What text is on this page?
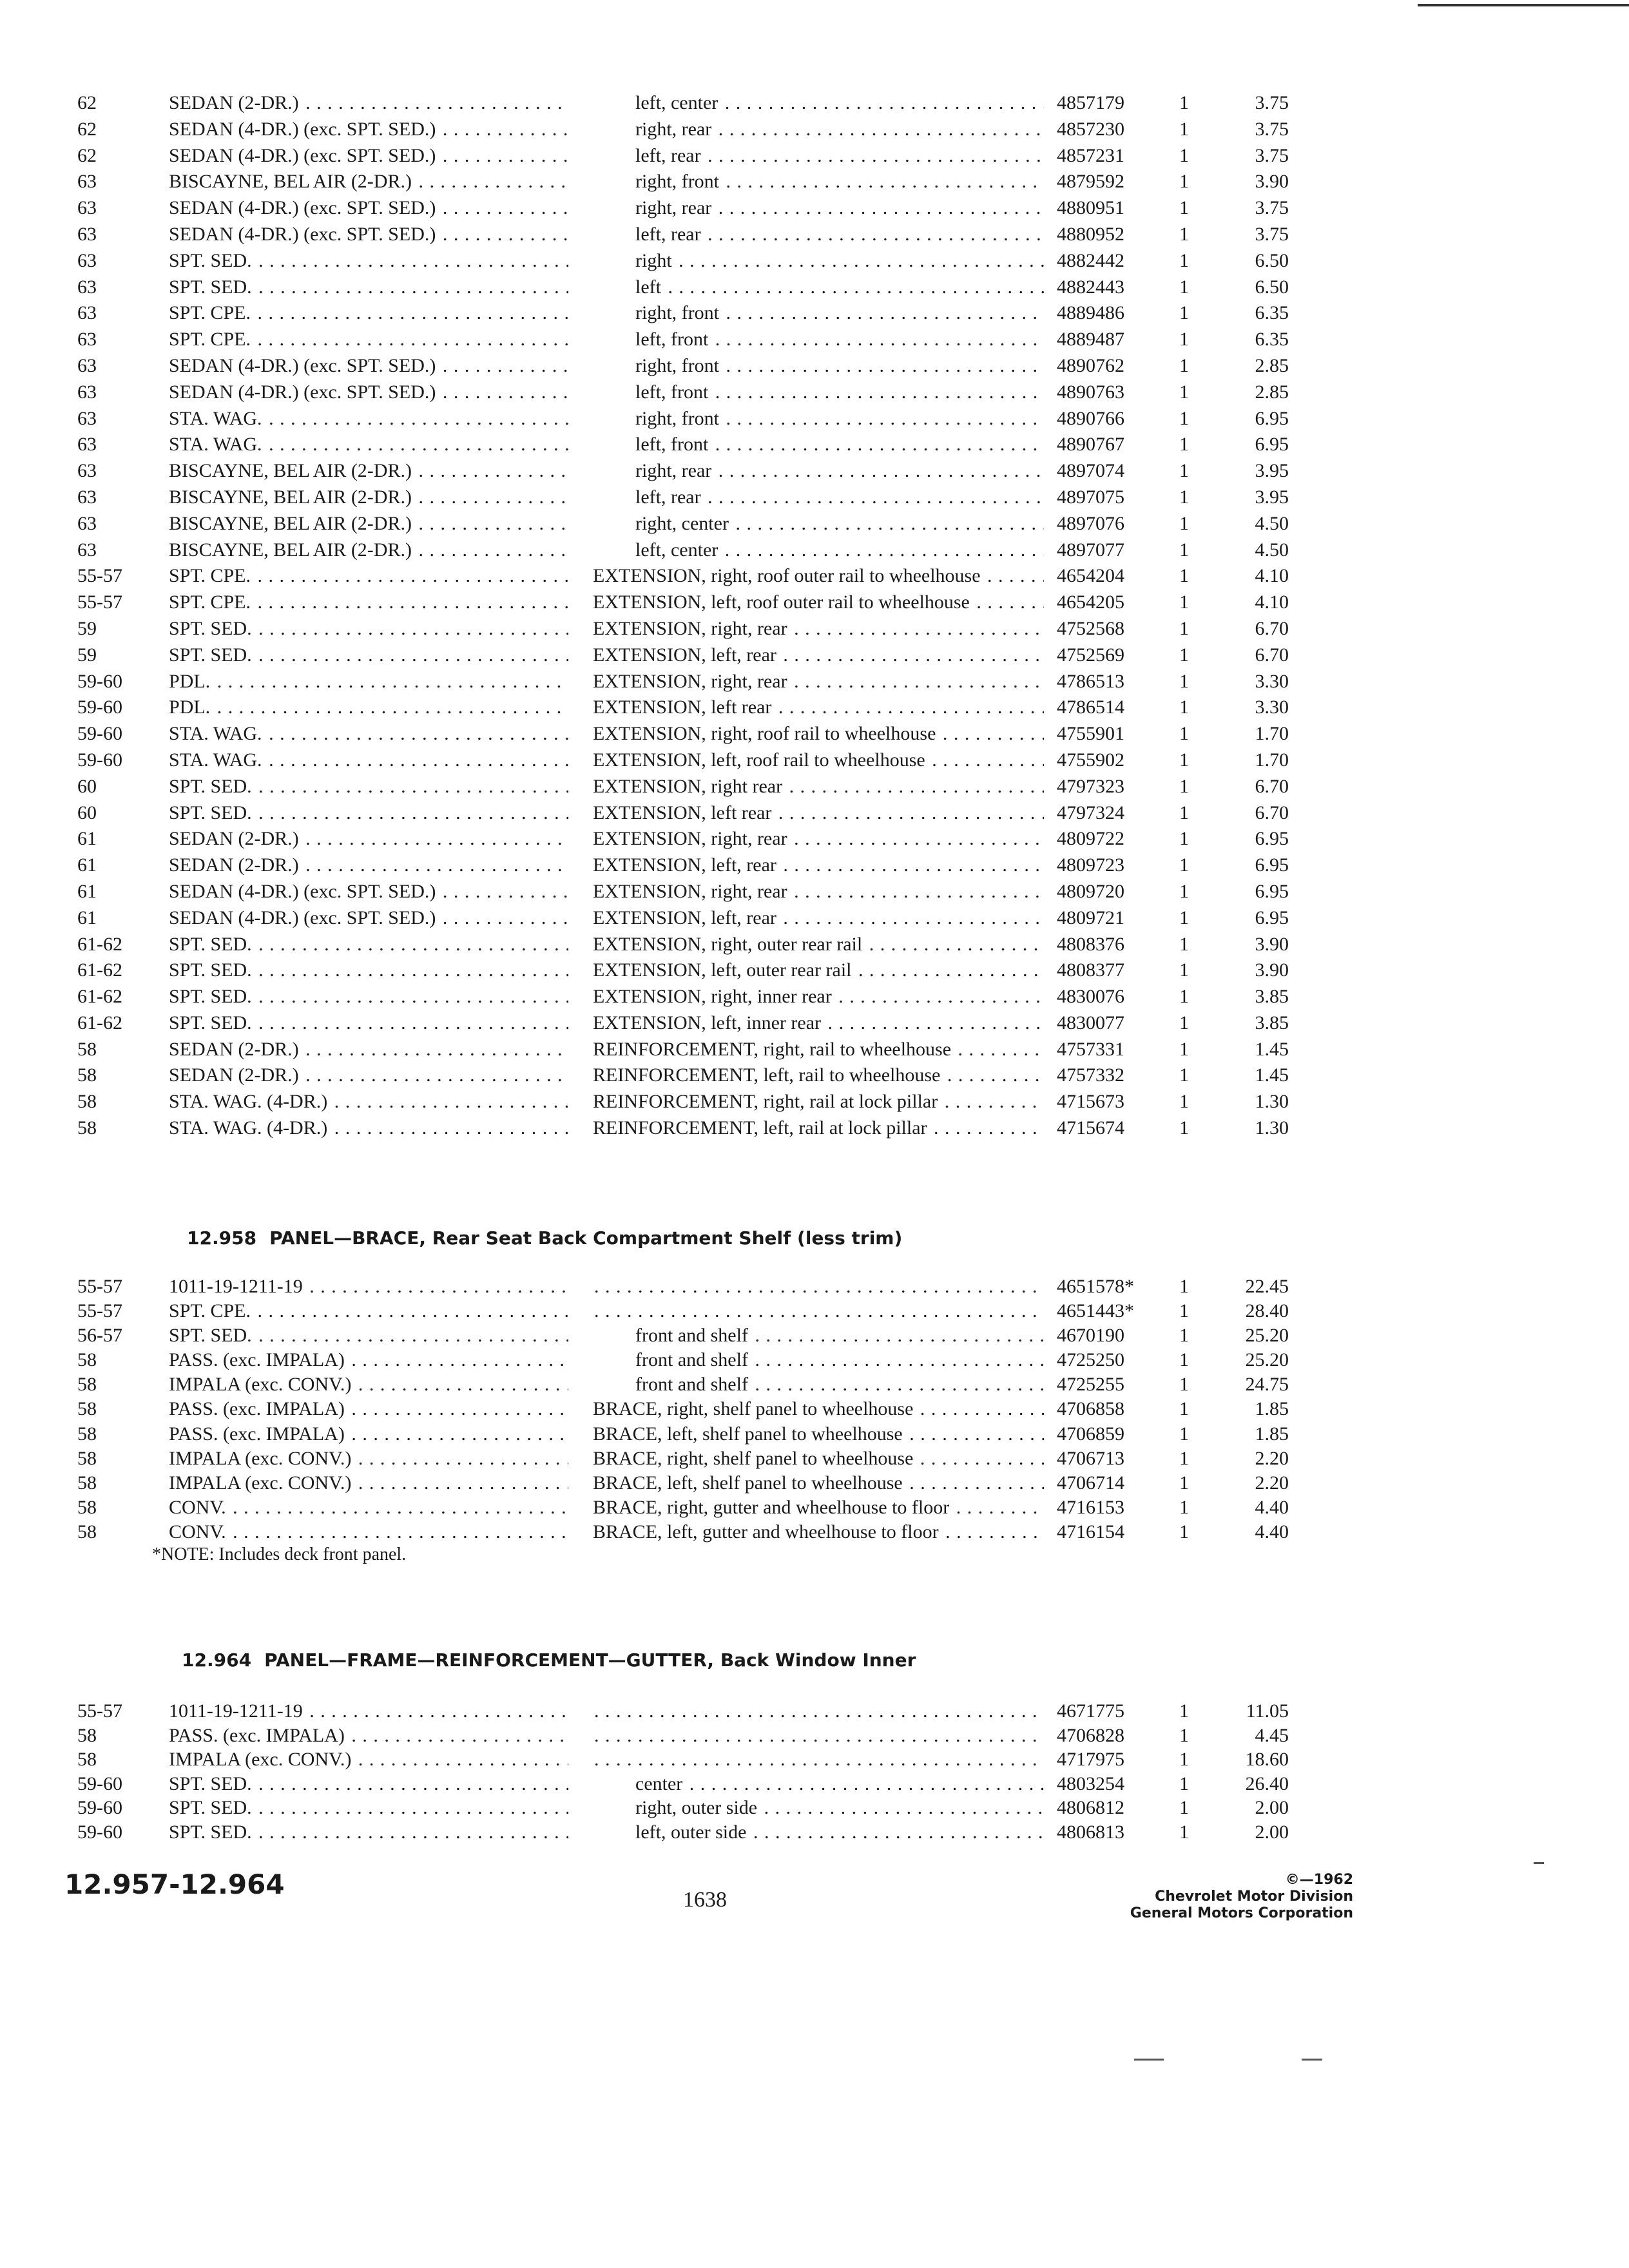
62	SEDAN (2-DR.) . . .	left, center . . .	4857179	1	3.75
62	SEDAN (4-DR.) (exc. SPT. SED.) . . .	right, rear . . .	4857230	1	3.75
62	SEDAN (4-DR.) (exc. SPT. SED.) . . .	left, rear . . .	4857231	1	3.75
63	BISCAYNE, BEL AIR (2-DR.) . . .	right, front . . .	4879592	1	3.90
63	SEDAN (4-DR.) (exc. SPT. SED.) . . .	right, rear . . .	4880951	1	3.75
63	SEDAN (4-DR.) (exc. SPT. SED.) . . .	left, rear . . .	4880952	1	3.75
63	SPT. SED. . . .	right . . .	4882442	1	6.50
63	SPT. SED. . . .	left . . .	4882443	1	6.50
63	SPT. CPE. . . .	right, front . . .	4889486	1	6.35
63	SPT. CPE. . . .	left, front . . .	4889487	1	6.35
63	SEDAN (4-DR.) (exc. SPT. SED.) . . .	right, front . . .	4890762	1	2.85
63	SEDAN (4-DR.) (exc. SPT. SED.) . . .	left, front . . .	4890763	1	2.85
63	STA. WAG. . . .	right, front . . .	4890766	1	6.95
63	STA. WAG. . . .	left, front . . .	4890767	1	6.95
63	BISCAYNE, BEL AIR (2-DR.) . . .	right, rear . . .	4897074	1	3.95
63	BISCAYNE, BEL AIR (2-DR.) . . .	left, rear . . .	4897075	1	3.95
63	BISCAYNE, BEL AIR (2-DR.) . . .	right, center . . .	4897076	1	4.50
63	BISCAYNE, BEL AIR (2-DR.) . . .	left, center . . .	4897077	1	4.50
55-57	SPT. CPE. . . .	EXTENSION, right, roof outer rail to wheelhouse . . .	4654204	1	4.10
55-57	SPT. CPE. . . .	EXTENSION, left, roof outer rail to wheelhouse . . .	4654205	1	4.10
59	SPT. SED. . . .	EXTENSION, right, rear . . .	4752568	1	6.70
59	SPT. SED. . . .	EXTENSION, left, rear . . .	4752569	1	6.70
59-60	PDL. . . .	EXTENSION, right, rear . . .	4786513	1	3.30
59-60	PDL. . . .	EXTENSION, left rear . . .	4786514	1	3.30
59-60	STA. WAG. . . .	EXTENSION, right, roof rail to wheelhouse . . .	4755901	1	1.70
59-60	STA. WAG. . . .	EXTENSION, left, roof rail to wheelhouse . . .	4755902	1	1.70
60	SPT. SED. . . .	EXTENSION, right rear . . .	4797323	1	6.70
60	SPT. SED. . . .	EXTENSION, left rear . . .	4797324	1	6.70
61	SEDAN (2-DR.) . . .	EXTENSION, right, rear . . .	4809722	1	6.95
61	SEDAN (2-DR.) . . .	EXTENSION, left, rear . . .	4809723	1	6.95
61	SEDAN (4-DR.) (exc. SPT. SED.) . . .	EXTENSION, right, rear . . .	4809720	1	6.95
61	SEDAN (4-DR.) (exc. SPT. SED.) . . .	EXTENSION, left, rear . . .	4809721	1	6.95
61-62	SPT. SED. . . .	EXTENSION, right, outer rear rail . . .	4808376	1	3.90
61-62	SPT. SED. . . .	EXTENSION, left, outer rear rail . . .	4808377	1	3.90
61-62	SPT. SED. . . .	EXTENSION, right, inner rear . . .	4830076	1	3.85
61-62	SPT. SED. . . .	EXTENSION, left, inner rear . . .	4830077	1	3.85
58	SEDAN (2-DR.) . . .	REINFORCEMENT, right, rail to wheelhouse . . .	4757331	1	1.45
58	SEDAN (2-DR.) . . .	REINFORCEMENT, left, rail to wheelhouse . . .	4757332	1	1.45
58	STA. WAG. (4-DR.) . . .	REINFORCEMENT, right, rail at lock pillar . . .	4715673	1	1.30
58	STA. WAG. (4-DR.) . . .	REINFORCEMENT, left, rail at lock pillar . . .	4715674	1	1.30
12.958 PANEL—BRACE, Rear Seat Back Compartment Shelf (less trim)
55-57	1011-19-1211-19 . . . . . .	4651578*	1	22.45
55-57	SPT. CPE. . . . . . .	4651443*	1	28.40
56-57	SPT. SED. . . .	front and shelf . . .	4670190	1	25.20
58	PASS. (exc. IMPALA) . . .	front and shelf . . .	4725250	1	25.20
58	IMPALA (exc. CONV.) . . .	front and shelf . . .	4725255	1	24.75
58	PASS. (exc. IMPALA) . . .	BRACE, right, shelf panel to wheelhouse . . .	4706858	1	1.85
58	PASS. (exc. IMPALA) . . .	BRACE, left, shelf panel to wheelhouse . . .	4706859	1	1.85
58	IMPALA (exc. CONV.) . . .	BRACE, right, shelf panel to wheelhouse . . .	4706713	1	2.20
58	IMPALA (exc. CONV.) . . .	BRACE, left, shelf panel to wheelhouse . . .	4706714	1	2.20
58	CONV. . . .	BRACE, right, gutter and wheelhouse to floor . . .	4716153	1	4.40
58	CONV. . . .	BRACE, left, gutter and wheelhouse to floor . . .	4716154	1	4.40
*NOTE: Includes deck front panel.
12.964 PANEL—FRAME—REINFORCEMENT—GUTTER, Back Window Inner
55-57	1011-19-1211-19 . . . . . .	4671775	1	11.05
58	PASS. (exc. IMPALA) . . . . . .	4706828	1	4.45
58	IMPALA (exc. CONV.) . . . . . .	4717975	1	18.60
59-60	SPT. SED. . . .	center . . .	4803254	1	26.40
59-60	SPT. SED. . . .	right, outer side . . .	4806812	1	2.00
59-60	SPT. SED. . . .	left, outer side . . .	4806813	1	2.00
12.957-12.964	1638
©—1962
Chevrolet Motor Division
General Motors Corporation
